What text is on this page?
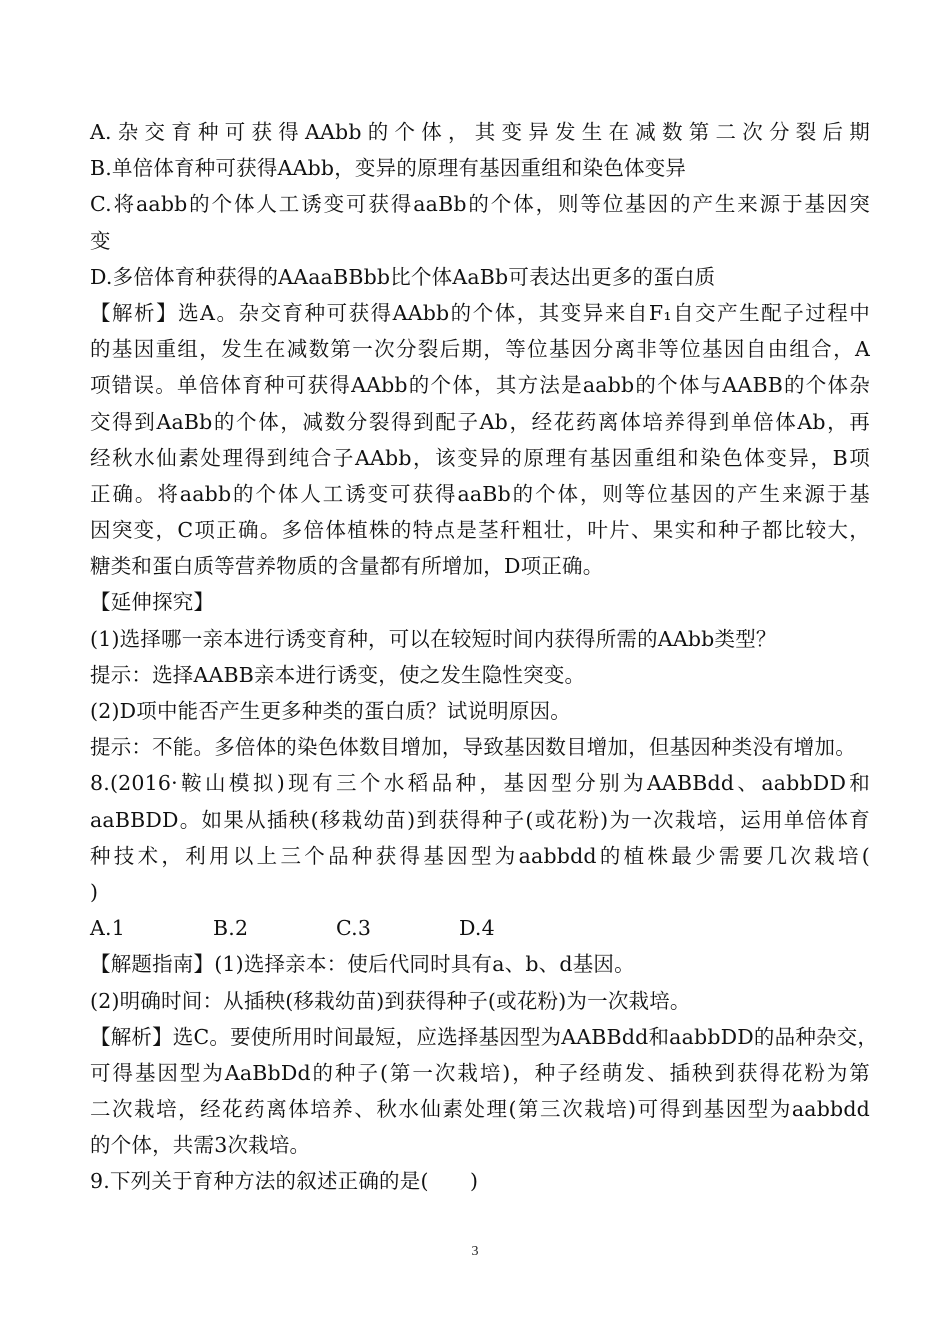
A.杂交育种可获得AAbb的个体，其变异发生在减数第二次分裂后期
B.单倍体育种可获得AAbb，变异的原理有基因重组和染色体变异
C.将aabb的个体人工诱变可获得aaBb的个体，则等位基因的产生来源于基因突
变
D.多倍体育种获得的AAaaBBbb比个体AaBb可表达出更多的蛋白质
【解析】选A。杂交育种可获得AAbb的个体，其变异来自F₁自交产生配子过程中
的基因重组，发生在减数第一次分裂后期，等位基因分离非等位基因自由组合，A
项错误。单倍体育种可获得AAbb的个体，其方法是aabb的个体与AABB的个体杂
交得到AaBb的个体，减数分裂得到配子Ab，经花药离体培养得到单倍体Ab，再
经秋水仙素处理得到纯合子AAbb，该变异的原理有基因重组和染色体变异，B项
正确。将aabb的个体人工诱变可获得aaBb的个体，则等位基因的产生来源于基
因突变，C项正确。多倍体植株的特点是茎秆粗壮，叶片、果实和种子都比较大，
糖类和蛋白质等营养物质的含量都有所增加，D项正确。
【延伸探究】
(1)选择哪一亲本进行诱变育种，可以在较短时间内获得所需的AAbb类型？
提示：选择AABB亲本进行诱变，使之发生隐性突变。
(2)D项中能否产生更多种类的蛋白质？试说明原因。
提示：不能。多倍体的染色体数目增加，导致基因数目增加，但基因种类没有增加。
8.(2016·鞍山模拟)现有三个水稻品种，基因型分别为AABBdd、aabbDD和
aaBBDD。如果从插秧(移栽幼苗)到获得种子(或花粉)为一次栽培，运用单倍体育
种技术，利用以上三个品种获得基因型为aabbdd的植株最少需要几次栽培(
)
A.1	B.2	C.3	D.4
【解题指南】(1)选择亲本：使后代同时具有a、b、d基因。
(2)明确时间：从插秧(移栽幼苗)到获得种子(或花粉)为一次栽培。
【解析】选C。要使所用时间最短，应选择基因型为AABBdd和aabbDD的品种杂交，
可得基因型为AaBbDd的种子(第一次栽培)，种子经萌发、插秧到获得花粉为第
二次栽培，经花药离体培养、秋水仙素处理(第三次栽培)可得到基因型为aabbdd
的个体，共需3次栽培。
9.下列关于育种方法的叙述正确的是(　　)
3
